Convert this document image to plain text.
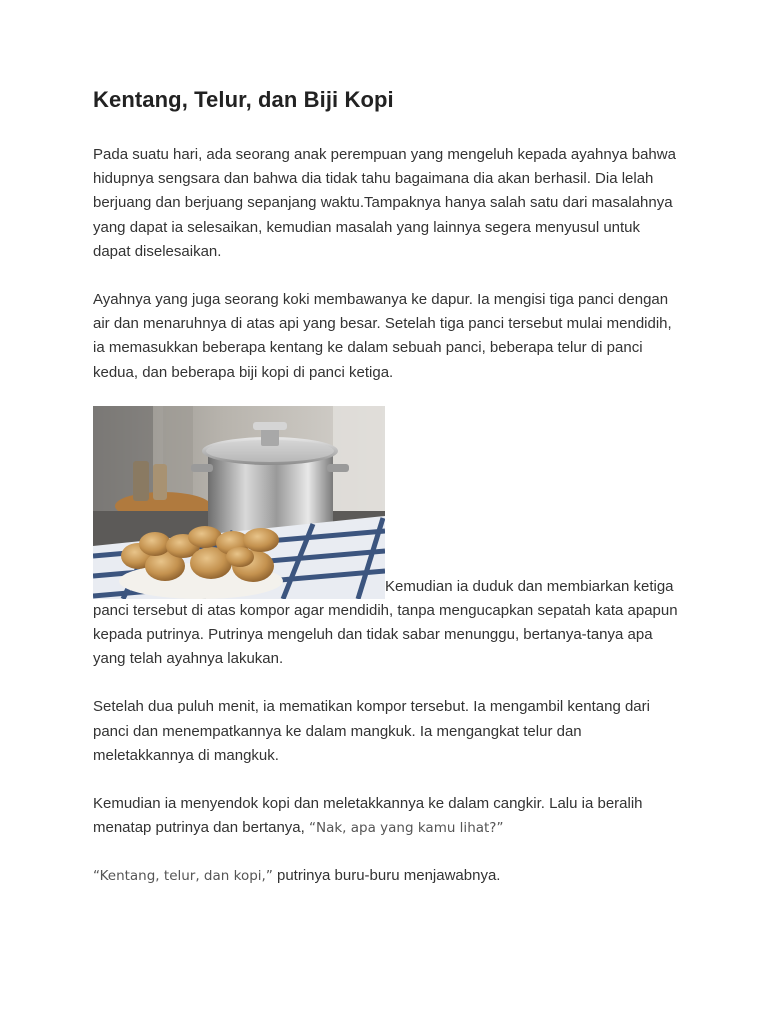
Kentang, Telur, dan Biji Kopi

Pada suatu hari, ada seorang anak perempuan yang mengeluh kepada ayahnya bahwa hidupnya sengsara dan bahwa dia tidak tahu bagaimana dia akan berhasil. Dia lelah berjuang dan berjuang sepanjang waktu.Tampaknya hanya salah satu dari masalahnya yang dapat ia selesaikan, kemudian masalah yang lainnya segera menyusul untuk dapat diselesaikan.

Ayahnya yang juga seorang koki membawanya ke dapur. Ia mengisi tiga panci dengan air dan menaruhnya di atas api yang besar. Setelah tiga panci tersebut mulai mendidih, ia memasukkan beberapa kentang ke dalam sebuah panci, beberapa telur di panci kedua, dan beberapa biji kopi di panci ketiga.

Kemudian ia duduk dan membiarkan ketiga panci tersebut di atas kompor agar mendidih, tanpa mengucapkan sepatah kata apapun kepada putrinya. Putrinya mengeluh dan tidak sabar menunggu, bertanya-tanya apa yang telah ayahnya lakukan.

Setelah dua puluh menit, ia mematikan kompor tersebut. Ia mengambil kentang dari panci dan menempatkannya ke dalam mangkuk. Ia mengangkat telur dan meletakkannya di mangkuk.

Kemudian ia menyendok kopi dan meletakkannya ke dalam cangkir. Lalu ia beralih menatap putrinya dan bertanya, “Nak, apa yang kamu lihat?”

“Kentang, telur, dan kopi,” putrinya buru-buru menjawabnya.
